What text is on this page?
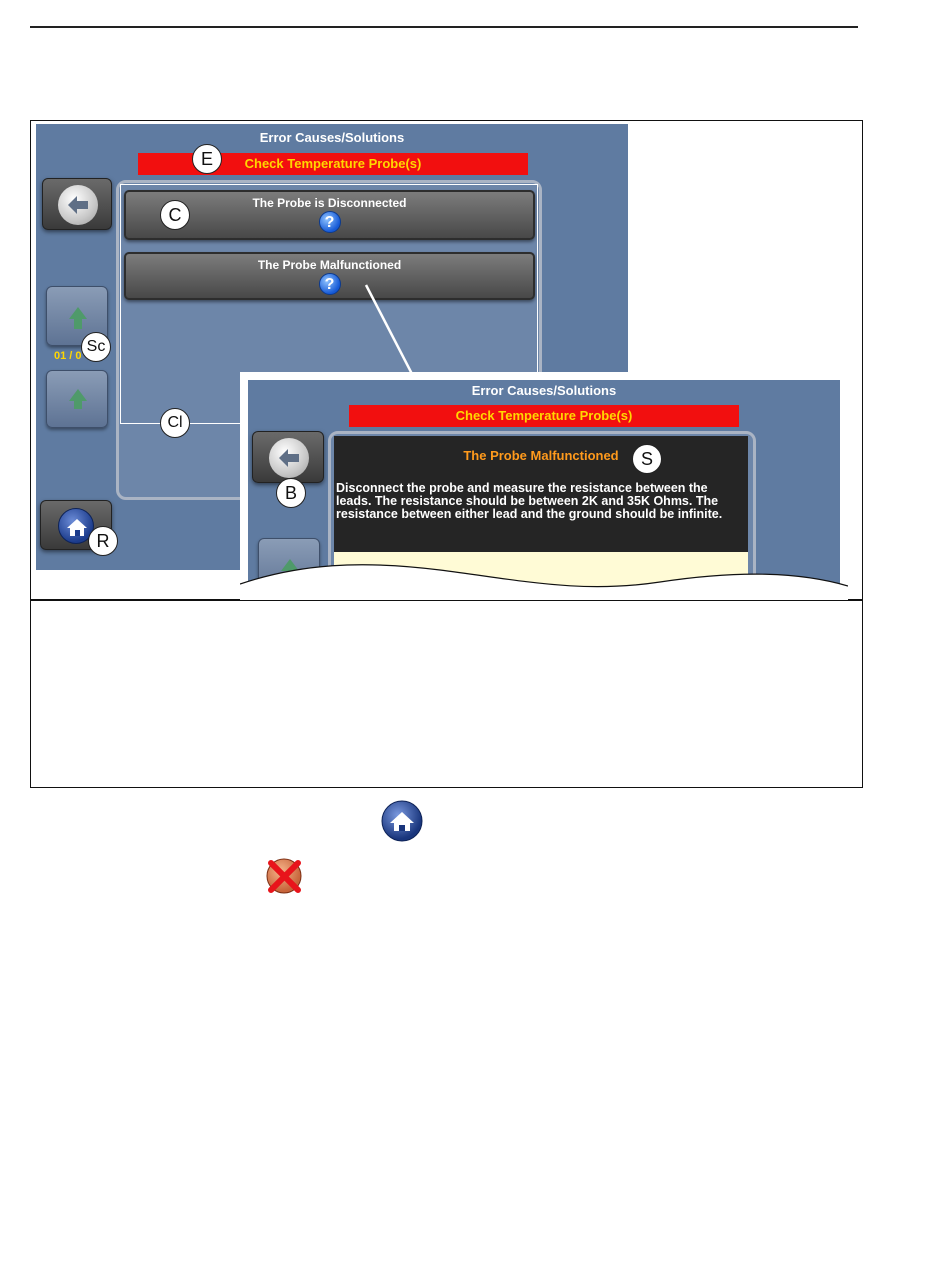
Error Causes/Solutions
Check Temperature Probe(s)
The Probe is Disconnected
?
The Probe Malfunctioned
?
01 / 0
Error Causes/Solutions
Check Temperature Probe(s)
The Probe Malfunctioned
Disconnect the probe and measure the resistance between the leads. The resistance should be between 2K and 35K Ohms. The resistance between either lead and the ground should be infinite.
E
C
Sc
Cl
S
B
R
